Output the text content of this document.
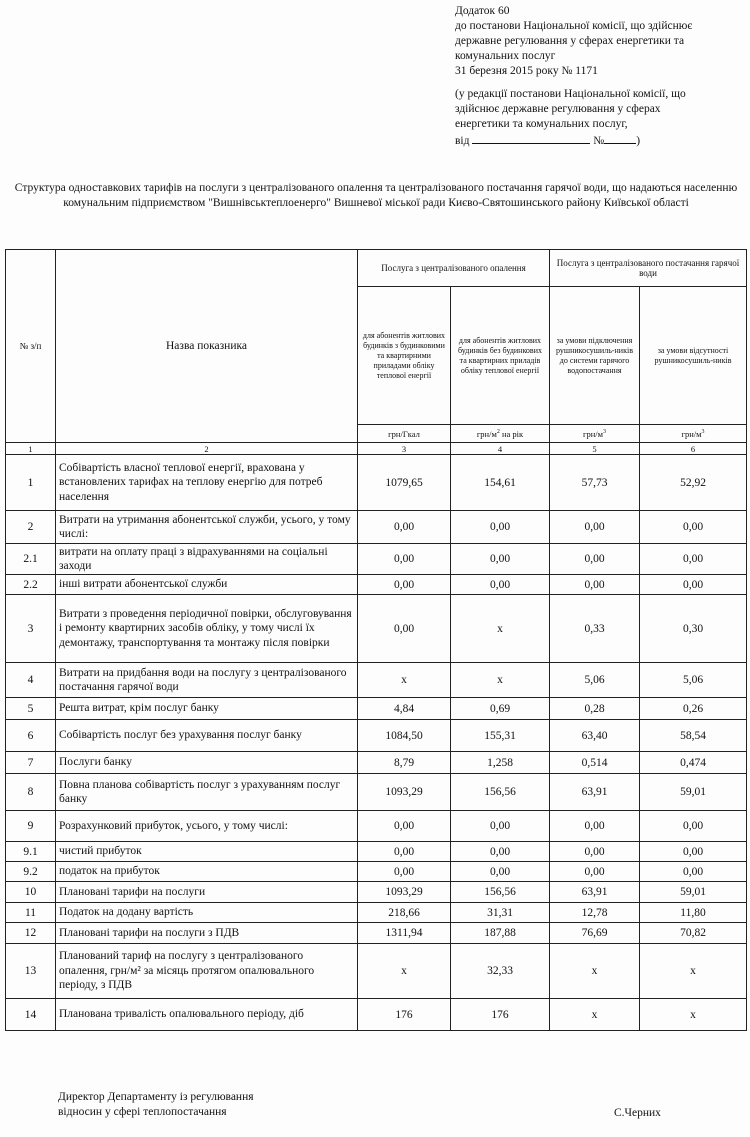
Додаток 60
до постанови Національної комісії, що здійснює
державне регулювання у сферах енергетики та
комунальних послуг
31 березня 2015 року № 1171
(у редакції постанови Національної комісії, що
здійснює державне регулювання у сферах
енергетики та комунальних послуг,
від	№	)
Структура одноставкових тарифів на послуги з централізованого опалення та централізованого постачання гарячої води, що надаються населенню комунальним підприємством "Вишнівськтеплоенерго" Вишневої міської ради Києво-Святошинського району Київської області
№ з/п	Назва показника	Послуга з централізованого опалення		Послуга з централізованого постачання гарячої води	
		для абонентів житлових будинків з будинковими та квартирними приладами обліку теплової енергії	для абонентів житлових будинків без будинкових та квартирних приладів обліку теплової енергії	за умови підключення рушникосушиль-ників до системи гарячого водопостачання	за умови відсутності рушникосушиль-ників
		грн/Гкал	грн/$м^2$ на рік	грн/$м^3$	грн/$м^3$
1	2	3	4	5	6
1	Собівартість власної теплової енергії, врахована у встановлених тарифах на теплову енергію для потреб населення	1079,65	154,61	57,73	52,92
2	Витрати на утримання абонентської служби, усього, у тому числі:	0,00	0,00	0,00	0,00
2.1	витрати на оплату праці з відрахуваннями на соціальні заходи	0,00	0,00	0,00	0,00
2.2	інші витрати абонентської служби	0,00	0,00	0,00	0,00
3	Витрати з проведення періодичної повірки, обслуговування і ремонту квартирних засобів обліку, у тому числі їх демонтажу, транспортування та монтажу після повірки	0,00	х	0,33	0,30
4	Витрати на придбання води на послугу з централізованого постачання гарячої води	х	х	5,06	5,06
5	Решта витрат, крім послуг банку	4,84	0,69	0,28	0,26
6	Собівартість послуг без урахування послуг банку	1084,50	155,31	63,40	58,54
7	Послуги банку	8,79	1,258	0,514	0,474
8	Повна планова собівартість послуг з урахуванням послуг банку	1093,29	156,56	63,91	59,01
9	Розрахунковий прибуток, усього, у тому числі:	0,00	0,00	0,00	0,00
9.1	чистий прибуток	0,00	0,00	0,00	0,00
9.2	податок на прибуток	0,00	0,00	0,00	0,00
10	Плановані тарифи на послуги	1093,29	156,56	63,91	59,01
11	Податок на додану вартість	218,66	31,31	12,78	11,80
12	Плановані тарифи на послуги з ПДВ	1311,94	187,88	76,69	70,82
13	Планований тариф на послугу з централізованого опалення, грн/м² за місяць протягом опалювального періоду, з ПДВ	х	32,33	х	х
14	Планована тривалість опалювального періоду, діб	176	176	х	х
Директор Департаменту із регулювання
відносин у сфері теплопостачання	С.Черних
